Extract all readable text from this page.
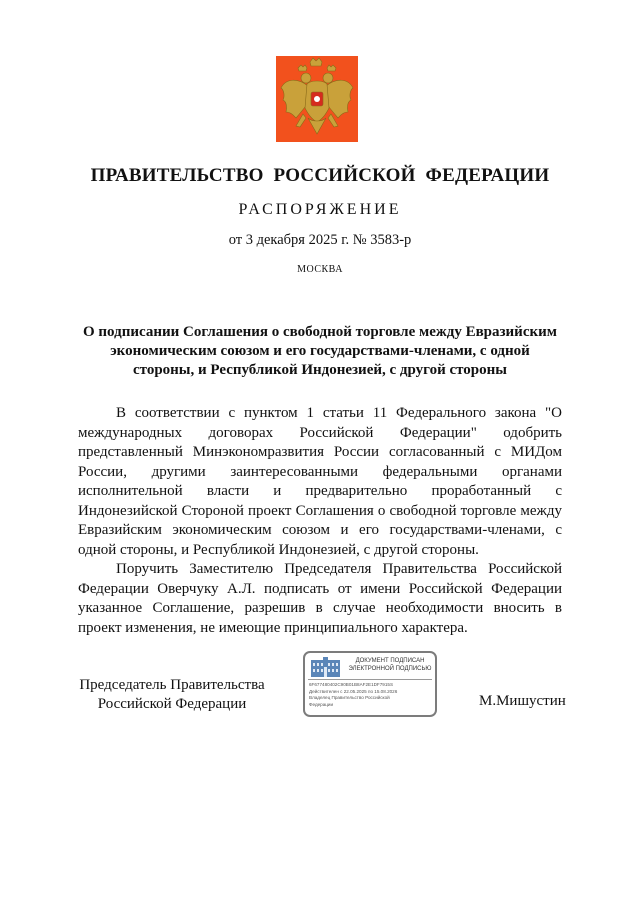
ПРАВИТЕЛЬСТВО РОССИЙСКОЙ ФЕДЕРАЦИИ
РАСПОРЯЖЕНИЕ
от 3 декабря 2025 г. № 3583-р
МОСКВА
О подписании Соглашения о свободной торговле между Евразийским экономическим союзом и его государствами-членами, с одной стороны, и Республикой Индонезией, с другой стороны

В соответствии с пунктом 1 статьи 11 Федерального закона "О международных договорах Российской Федерации" одобрить представленный Минэкономразвития России согласованный с МИДом России, другими заинтересованными федеральными органами исполнительной власти и предварительно проработанный с Индонезийской Стороной проект Соглашения о свободной торговле между Евразийским экономическим союзом и его государствами-членами, с одной стороны, и Республикой Индонезией, с другой стороны.

Поручить Заместителю Председателя Правительства Российской Федерации Оверчуку А.Л. подписать от имени Российской Федерации указанное Соглашение, разрешив в случае необходимости вносить в проект изменения, не имеющие принципиального характера.

Председатель Правительства
Российской Федерации
ДОКУМЕНТ ПОДПИСАН
ЭЛЕКТРОННОЙ ПОДПИСЬЮ
6F677480402C90B01B8AF2E1DF7915S
Действителен с 22.05.2025 по 15.08.2026
Владелец Правительство Российской
Федерации	М.Мишустин
